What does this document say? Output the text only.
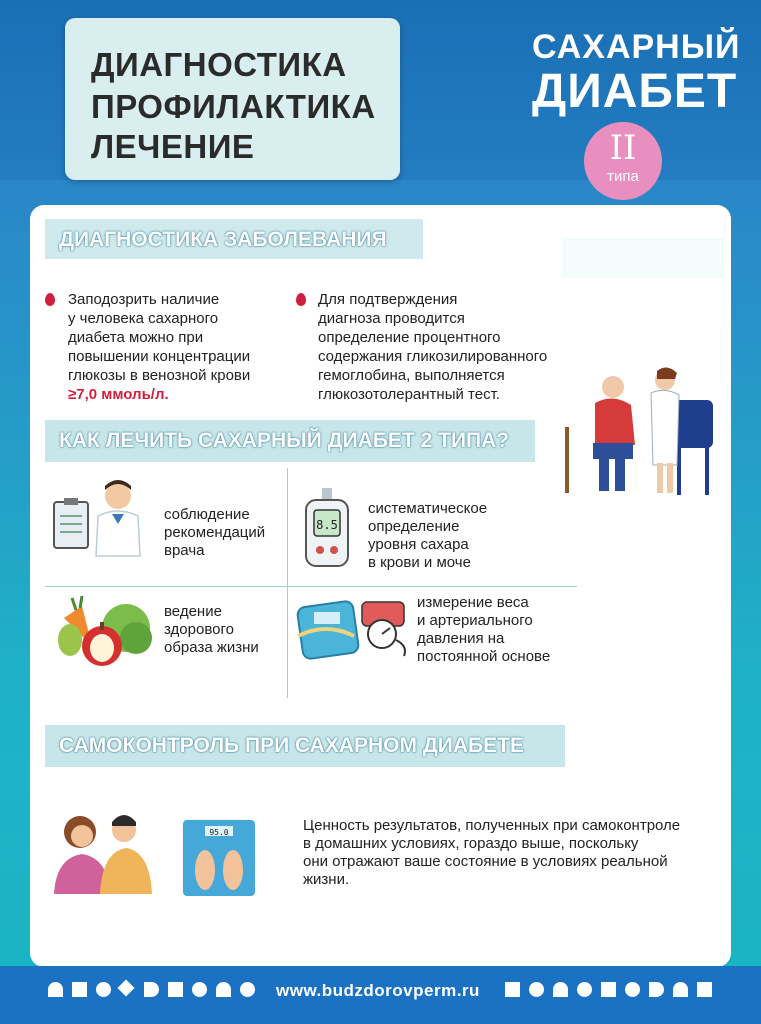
ДИАГНОСТИКА
ПРОФИЛАКТИКА
ЛЕЧЕНИЕ
САХАРНЫЙ
ДИАБЕТ
II
типа
ДИАГНОСТИКА ЗАБОЛЕВАНИЯ
Заподозрить наличие
у человека сахарного
диабета можно при
повышении концентрации
глюкозы в венозной крови
≥7,0 ммоль/л.
Для подтверждения
диагноза проводится
определение процентного
содержания гликозилированного
гемоглобина, выполняется
глюкозотолерантный тест.
КАК ЛЕЧИТЬ САХАРНЫЙ ДИАБЕТ 2 ТИПА?
соблюдение
рекомендаций
врача
8.5
систематическое
определение
уровня сахара
в крови и моче
ведение
здорового
образа жизни
измерение веса
и артериального
давления на
постоянной основе
САМОКОНТРОЛЬ ПРИ САХАРНОМ ДИАБЕТЕ
95.0	Ценность результатов, полученных при самоконтроле
в домашних условиях, гораздо выше, поскольку
они отражают ваше состояние в условиях реальной
жизни.
www.budzdorovperm.ru
